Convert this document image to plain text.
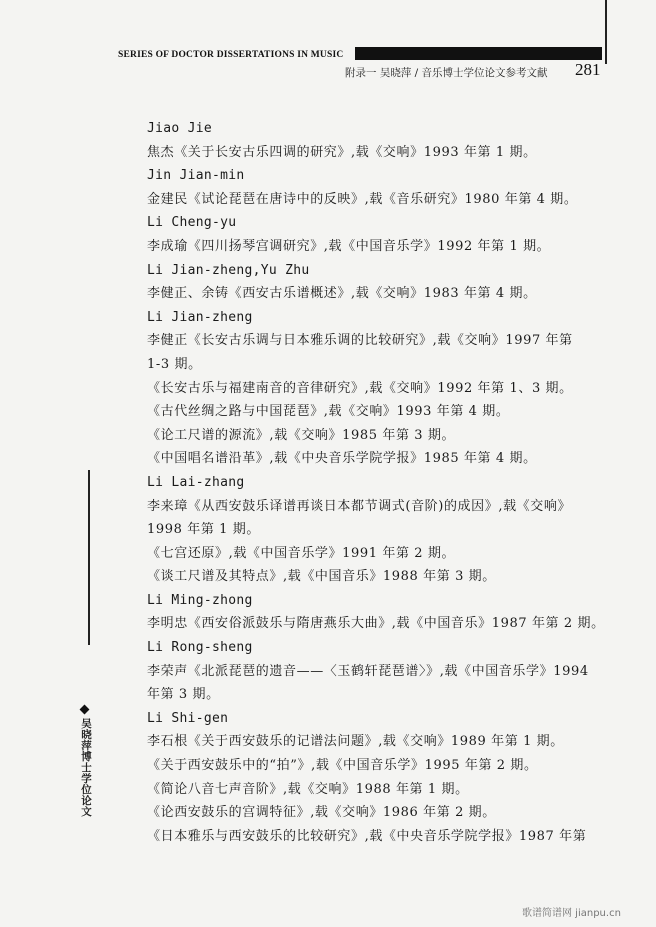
SERIES OF DOCTOR DISSERTATIONS IN MUSIC
附录一 吴晓萍 / 音乐博士学位论文参考文献 281
Jiao Jie
焦杰《关于长安古乐四调的研究》,载《交响》1993 年第 1 期。
Jin Jian-min
金建民《试论琵琶在唐诗中的反映》,载《音乐研究》1980 年第 4 期。
Li Cheng-yu
李成瑜《四川扬琴宫调研究》,载《中国音乐学》1992 年第 1 期。
Li Jian-zheng,Yu Zhu
李健正、余铸《西安古乐谱概述》,载《交响》1983 年第 4 期。
Li Jian-zheng
李健正《长安古乐调与日本雅乐调的比较研究》,载《交响》1997 年第
1-3 期。
《长安古乐与福建南音的音律研究》,载《交响》1992 年第 1、3 期。
《古代丝绸之路与中国琵琶》,载《交响》1993 年第 4 期。
《论工尺谱的源流》,载《交响》1985 年第 3 期。
《中国唱名谱沿革》,载《中央音乐学院学报》1985 年第 4 期。
Li Lai-zhang
李来璋《从西安鼓乐译谱再谈日本都节调式(音阶)的成因》,载《交响》
1998 年第 1 期。
《七宫还原》,载《中国音乐学》1991 年第 2 期。
《谈工尺谱及其特点》,载《中国音乐》1988 年第 3 期。
Li Ming-zhong
李明忠《西安俗派鼓乐与隋唐燕乐大曲》,载《中国音乐》1987 年第 2 期。
Li Rong-sheng
李荣声《北派琵琶的遗音——〈玉鹤轩琵琶谱〉》,载《中国音乐学》1994
年第 3 期。
Li Shi-gen
李石根《关于西安鼓乐的记谱法问题》,载《交响》1989 年第 1 期。
《关于西安鼓乐中的“拍”》,载《中国音乐学》1995 年第 2 期。
《简论八音七声音阶》,载《交响》1988 年第 1 期。
《论西安鼓乐的宫调特征》,载《交响》1986 年第 2 期。
《日本雅乐与西安鼓乐的比较研究》,载《中央音乐学院学报》1987 年第
吴晓萍博士学位论文
歌谱简谱网 jianpu.cn
